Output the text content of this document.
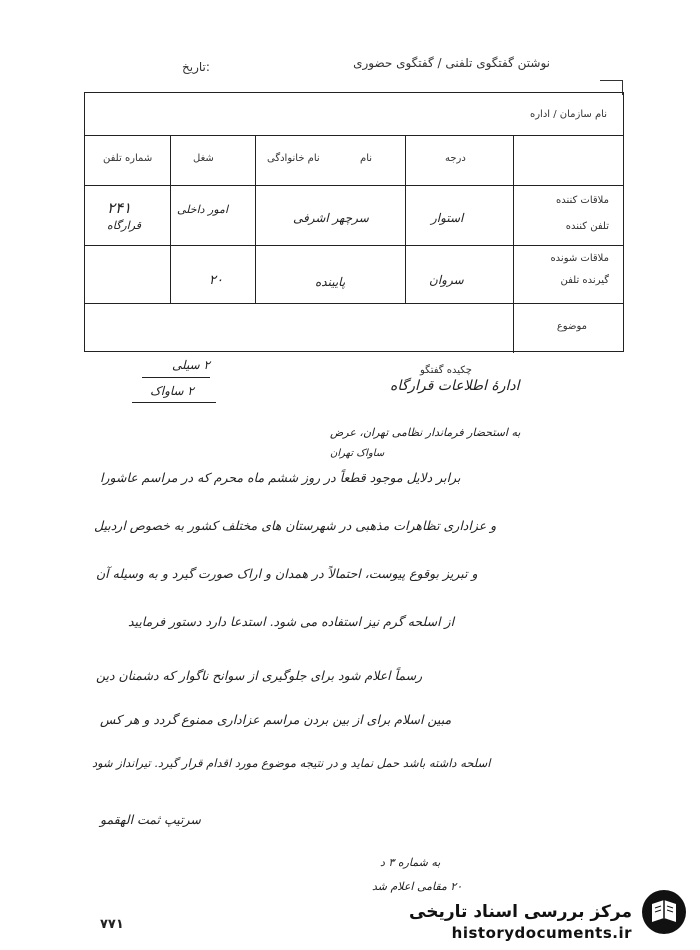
نوشتن گفتگوی تلفنی / گفتگوی حضوری
:تاریخ
نام سازمان / اداره
درجه
نام
نام خانوادگی
شغل
شماره تلفن
ملاقات کننده
تلفن کننده
استوار
سرچهر اشرفی
امور داخلی
۲۴۱
قرارگاه
ملاقات شونده
گیرنده تلفن
سروان
پایینده
۲۰
موضوع
۲ سیلی
۲ ساواک
چکیده گفتگو
ادارۀ اطلاعات قرارگاه
به استحضار فرماندار نظامی تهران، عرض
ساواک تهران
برابر دلایل موجود قطعاً در روز ششم ماه محرم که در مراسم عاشورا
و عزاداری تظاهرات مذهبی در شهرستان های مختلف کشور به خصوص اردبیل
و تبریز بوقوع پیوست، احتمالاً در همدان و اراک صورت گیرد و به وسیله آن
از اسلحه گرم نیز استفاده می شود. استدعا دارد دستور فرمایید
رسماً اعلام شود برای جلوگیری از سوانح ناگوار که دشمنان دین
مبین اسلام برای از بین بردن مراسم عزاداری ممنوع گردد و هر کس
اسلحه داشته باشد حمل نماید و در نتیجه موضوع مورد اقدام قرار گیرد. تیرانداز شود
سرتیپ ثمت الهقمو
به شماره ۳ د
۲۰ مقامی اعلام شد
۷۷۱
مرکز بررسی اسناد تاریخی
historydocuments.ir
